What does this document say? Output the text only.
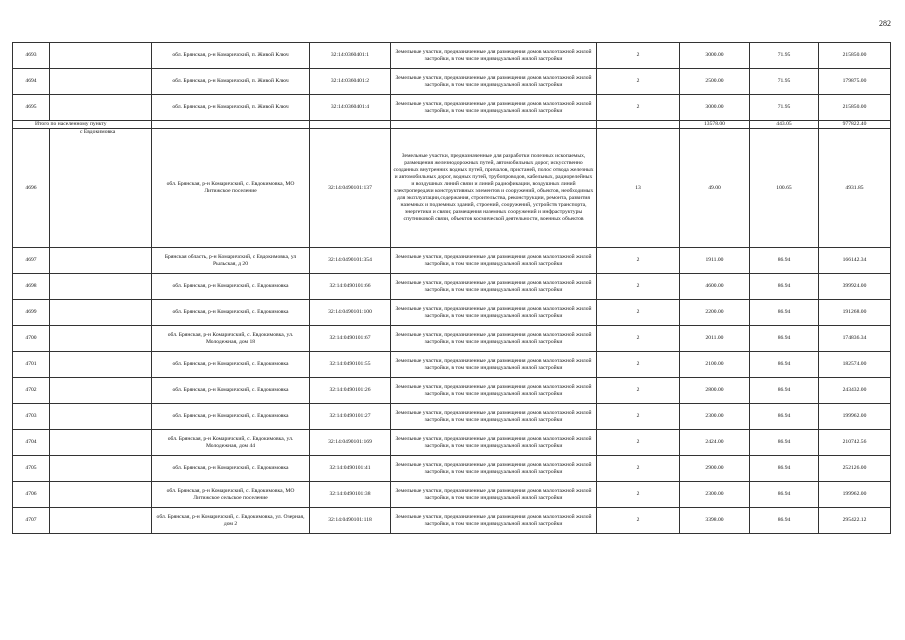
282
4693		обл. Брянская, р-н Комаричский, п. Живой Ключ	32:14:0360401:1	Земельные участки, предназначенные для размещения домов малоэтажной жилой застройки, в том числе индивидуальной жилой застройки	2	3000.00	71.95	215850.00
4694		обл. Брянская, р-н Комаричский, п. Живой Ключ	32:14:0360401:2	Земельные участки, предназначенные для размещения домов малоэтажной жилой застройки, в том числе индивидуальной жилой застройки	2	2500.00	71.95	179875.00
4695		обл. Брянская, р-н Комаричский, п. Живой Ключ	32:14:0360401:4	Земельные участки, предназначенные для размещения домов малоэтажной жилой застройки, в том числе индивидуальной жилой застройки	2	3000.00	71.95	215850.00
Итого по населенному пункту						13578.00	443.05	977822.40
4696	с Евдокимовка	обл. Брянская, р-н Комаричский, с. Евдокимовка, МО Литижское поселение	32:14:0490101:137	Земельные участки, предназначенные для разработки полезных ископаемых, размещения железнодорожных путей, автомобильных дорог, искусственно созданных внутренних водных путей, причалов, пристаней, полос отвода железных и автомобильных дорог, водных путей, трубопроводов, кабельных, радиорелейных и воздушных линий связи и линий радиофикации, воздушных линий электропередачи конструктивных элементов и сооружений, объектов, необходимых для эксплуатации,содержания, строительства, реконструкции, ремонта, развития наземных и подземных зданий, строений, сооружений, устройств транспорта, энергетики и связи; размещения наземных сооружений и инфраструктуры спутниковой связи, объектов космической деятельности, военных объектов	13	49.00	100.65	4931.85
4697		Брянская область, р-н Комаричский, с Евдокимовка, ул Рыльская, д 20	32:14:0490101:354	Земельные участки, предназначенные для размещения домов малоэтажной жилой застройки, в том числе индивидуальной жилой застройки	2	1911.00	86.94	166142.34
4698		обл. Брянская, р-н Комаричский, с. Евдокимовка	32:14:0490101:66	Земельные участки, предназначенные для размещения домов малоэтажной жилой застройки, в том числе индивидуальной жилой застройки	2	4600.00	86.94	399924.00
4699		обл. Брянская, р-н Комаричский, с. Евдокимовка	32:14:0490101:100	Земельные участки, предназначенные для размещения домов малоэтажной жилой застройки, в том числе индивидуальной жилой застройки	2	2200.00	86.94	191268.00
4700		обл. Брянская, р-н Комаричский, с. Евдокимовка, ул. Молодежная, дом 18	32:14:0490101:67	Земельные участки, предназначенные для размещения домов малоэтажной жилой застройки, в том числе индивидуальной жилой застройки	2	2011.00	86.94	174836.34
4701		обл. Брянская, р-н Комаричский, с. Евдокимовка	32:14:0490101:55	Земельные участки, предназначенные для размещения домов малоэтажной жилой застройки, в том числе индивидуальной жилой застройки	2	2100.00	86.94	182574.00
4702		обл. Брянская, р-н Комаричский, с. Евдокимовка	32:14:0490101:26	Земельные участки, предназначенные для размещения домов малоэтажной жилой застройки, в том числе индивидуальной жилой застройки	2	2800.00	86.94	243432.00
4703		обл. Брянская, р-н Комаричский, с. Евдокимовка	32:14:0490101:27	Земельные участки, предназначенные для размещения домов малоэтажной жилой застройки, в том числе индивидуальной жилой застройки	2	2300.00	86.94	199962.00
4704		обл. Брянская, р-н Комаричский, с. Евдокимовка, ул. Молодежная, дом 44	32:14:0490101:169	Земельные участки, предназначенные для размещения домов малоэтажной жилой застройки, в том числе индивидуальной жилой застройки	2	2424.00	86.94	210742.56
4705		обл. Брянская, р-н Комаричский, с. Евдокимовка	32:14:0490101:41	Земельные участки, предназначенные для размещения домов малоэтажной жилой застройки, в том числе индивидуальной жилой застройки	2	2900.00	86.94	252126.00
4706		обл. Брянская, р-н Комаричский, с. Евдокимовка, МО Литижское сельское поселение	32:14:0490101:38	Земельные участки, предназначенные для размещения домов малоэтажной жилой застройки, в том числе индивидуальной жилой застройки	2	2300.00	86.94	199962.00
4707		обл. Брянская, р-н Комаричский, с. Евдокимовка, ул. Озерная, дом 2	32:14:0490101:118	Земельные участки, предназначенные для размещения домов малоэтажной жилой застройки, в том числе индивидуальной жилой застройки	2	3398.00	86.94	295422.12
